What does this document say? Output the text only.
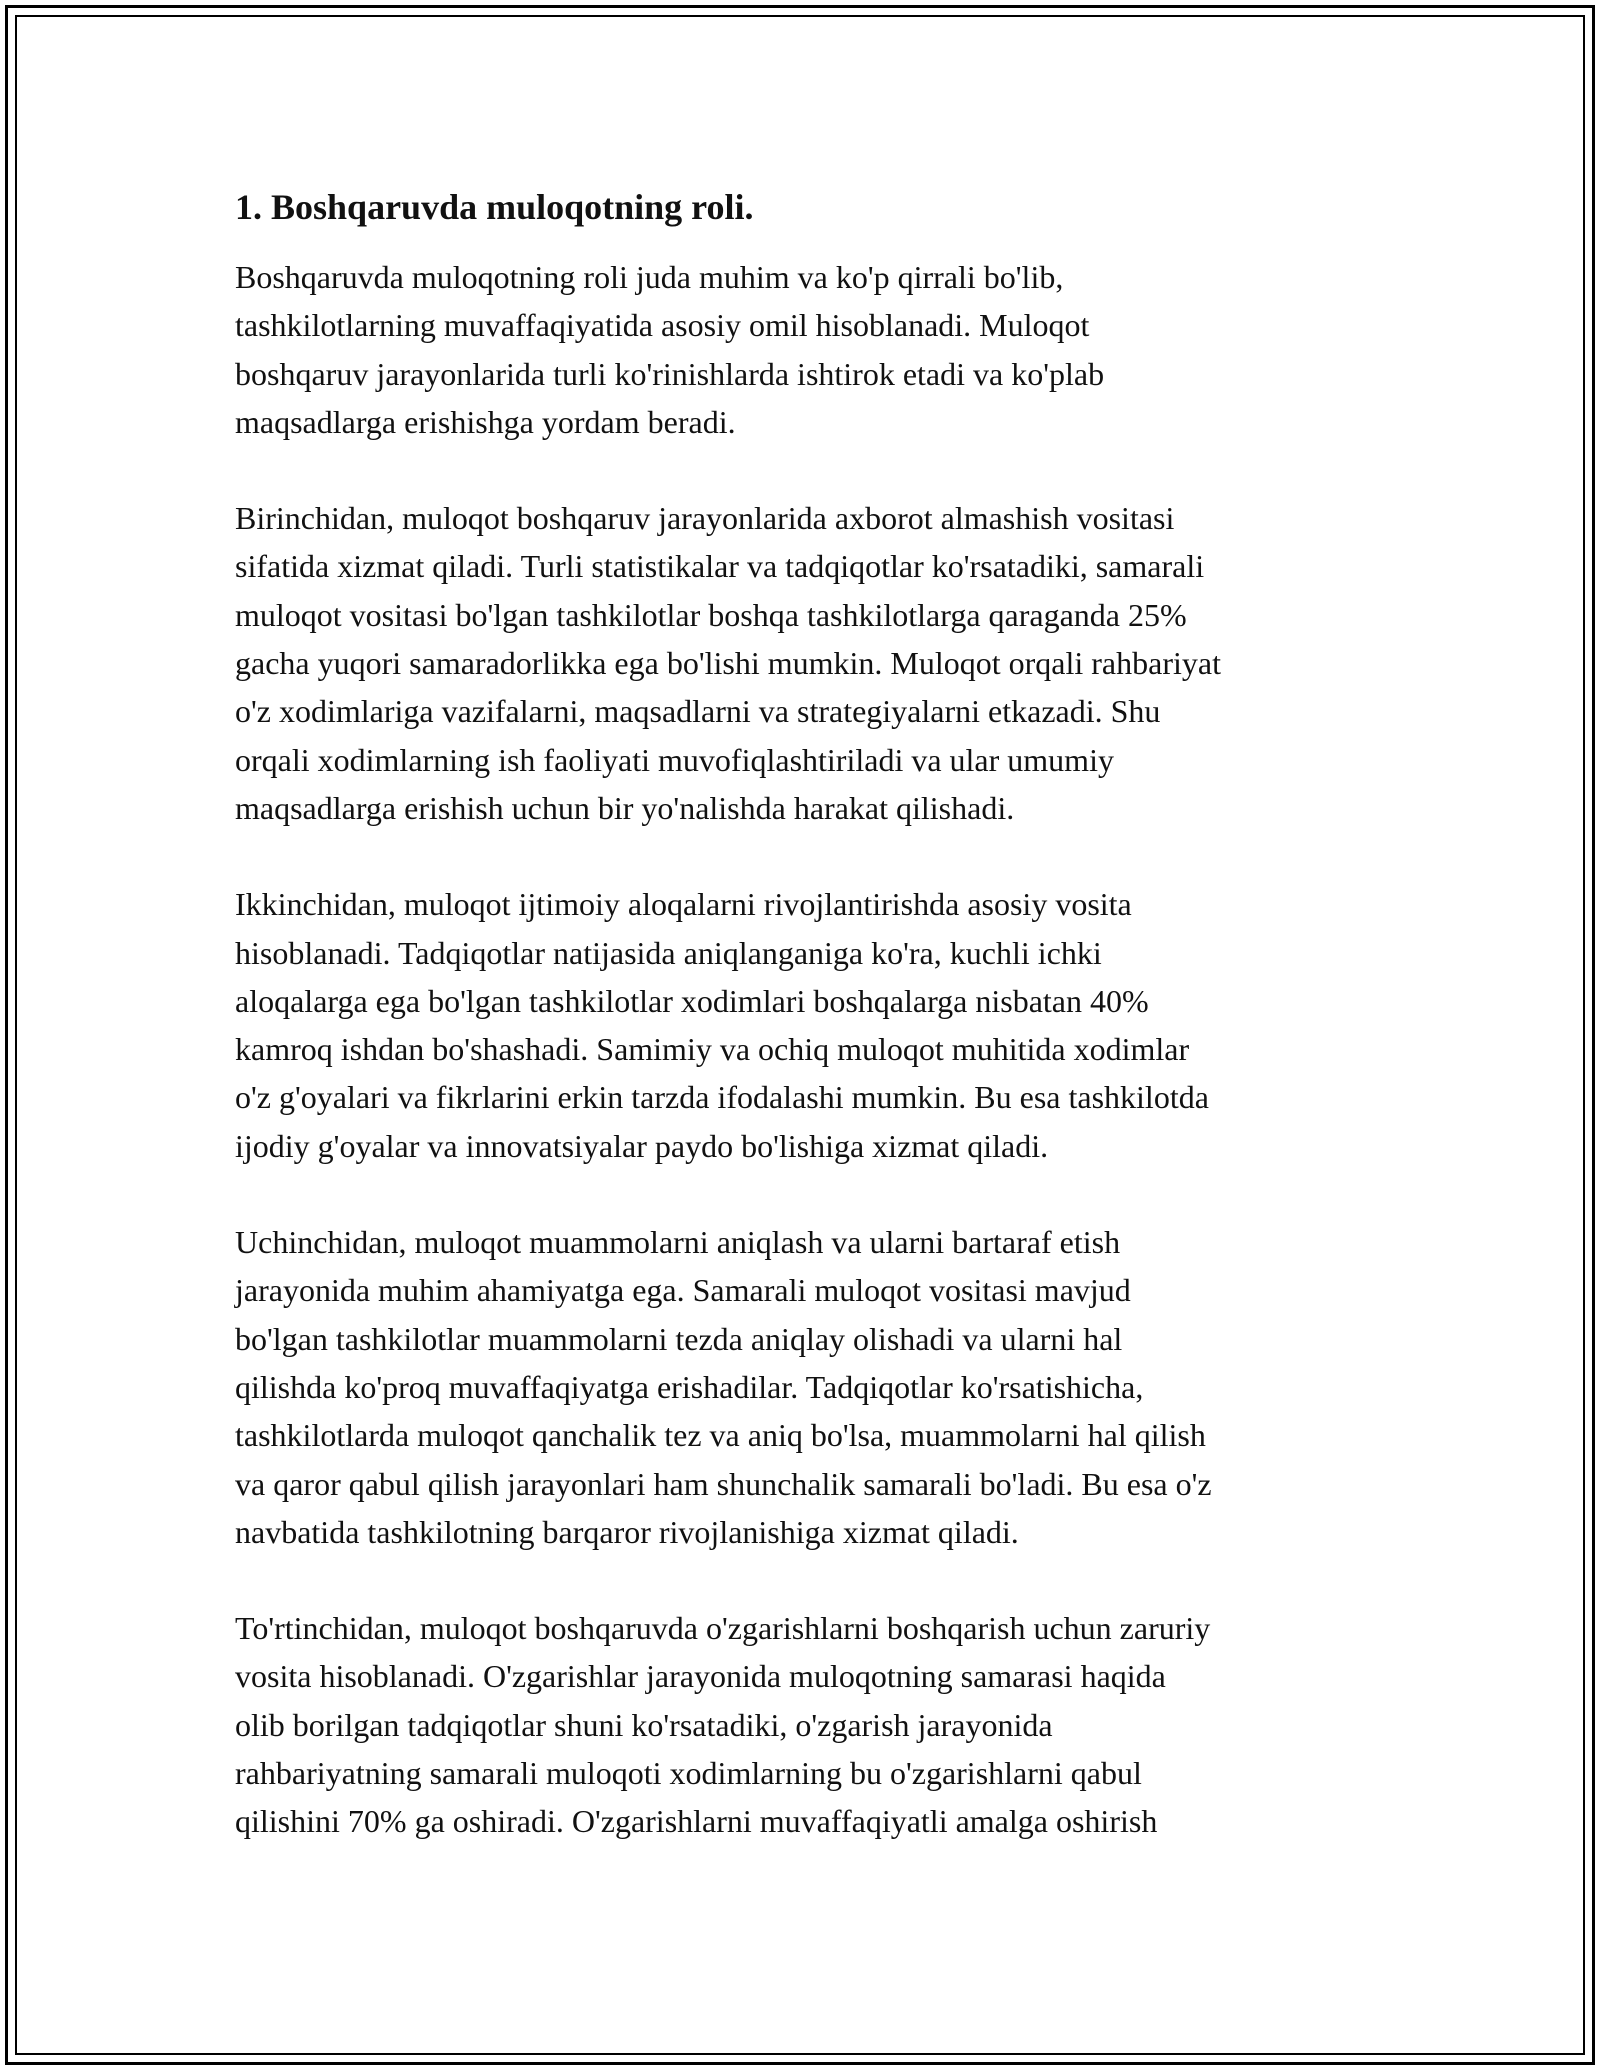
1. Boshqaruvda muloqotning roli.

Boshqaruvda muloqotning roli juda muhim va ko'p qirrali bo'lib,
tashkilotlarning muvaffaqiyatida asosiy omil hisoblanadi. Muloqot
boshqaruv jarayonlarida turli ko'rinishlarda ishtirok etadi va ko'plab
maqsadlarga erishishga yordam beradi.

Birinchidan, muloqot boshqaruv jarayonlarida axborot almashish vositasi
sifatida xizmat qiladi. Turli statistikalar va tadqiqotlar ko'rsatadiki, samarali
muloqot vositasi bo'lgan tashkilotlar boshqa tashkilotlarga qaraganda 25%
gacha yuqori samaradorlikka ega bo'lishi mumkin. Muloqot orqali rahbariyat
o'z xodimlariga vazifalarni, maqsadlarni va strategiyalarni etkazadi. Shu
orqali xodimlarning ish faoliyati muvofiqlashtiriladi va ular umumiy
maqsadlarga erishish uchun bir yo'nalishda harakat qilishadi.

Ikkinchidan, muloqot ijtimoiy aloqalarni rivojlantirishda asosiy vosita
hisoblanadi. Tadqiqotlar natijasida aniqlanganiga ko'ra, kuchli ichki
aloqalarga ega bo'lgan tashkilotlar xodimlari boshqalarga nisbatan 40%
kamroq ishdan bo'shashadi. Samimiy va ochiq muloqot muhitida xodimlar
o'z g'oyalari va fikrlarini erkin tarzda ifodalashi mumkin. Bu esa tashkilotda
ijodiy g'oyalar va innovatsiyalar paydo bo'lishiga xizmat qiladi.

Uchinchidan, muloqot muammolarni aniqlash va ularni bartaraf etish
jarayonida muhim ahamiyatga ega. Samarali muloqot vositasi mavjud
bo'lgan tashkilotlar muammolarni tezda aniqlay olishadi va ularni hal
qilishda ko'proq muvaffaqiyatga erishadilar. Tadqiqotlar ko'rsatishicha,
tashkilotlarda muloqot qanchalik tez va aniq bo'lsa, muammolarni hal qilish
va qaror qabul qilish jarayonlari ham shunchalik samarali bo'ladi. Bu esa o'z
navbatida tashkilotning barqaror rivojlanishiga xizmat qiladi.

To'rtinchidan, muloqot boshqaruvda o'zgarishlarni boshqarish uchun zaruriy
vosita hisoblanadi. O'zgarishlar jarayonida muloqotning samarasi haqida
olib borilgan tadqiqotlar shuni ko'rsatadiki, o'zgarish jarayonida
rahbariyatning samarali muloqoti xodimlarning bu o'zgarishlarni qabul
qilishini 70% ga oshiradi. O'zgarishlarni muvaffaqiyatli amalga oshirish
